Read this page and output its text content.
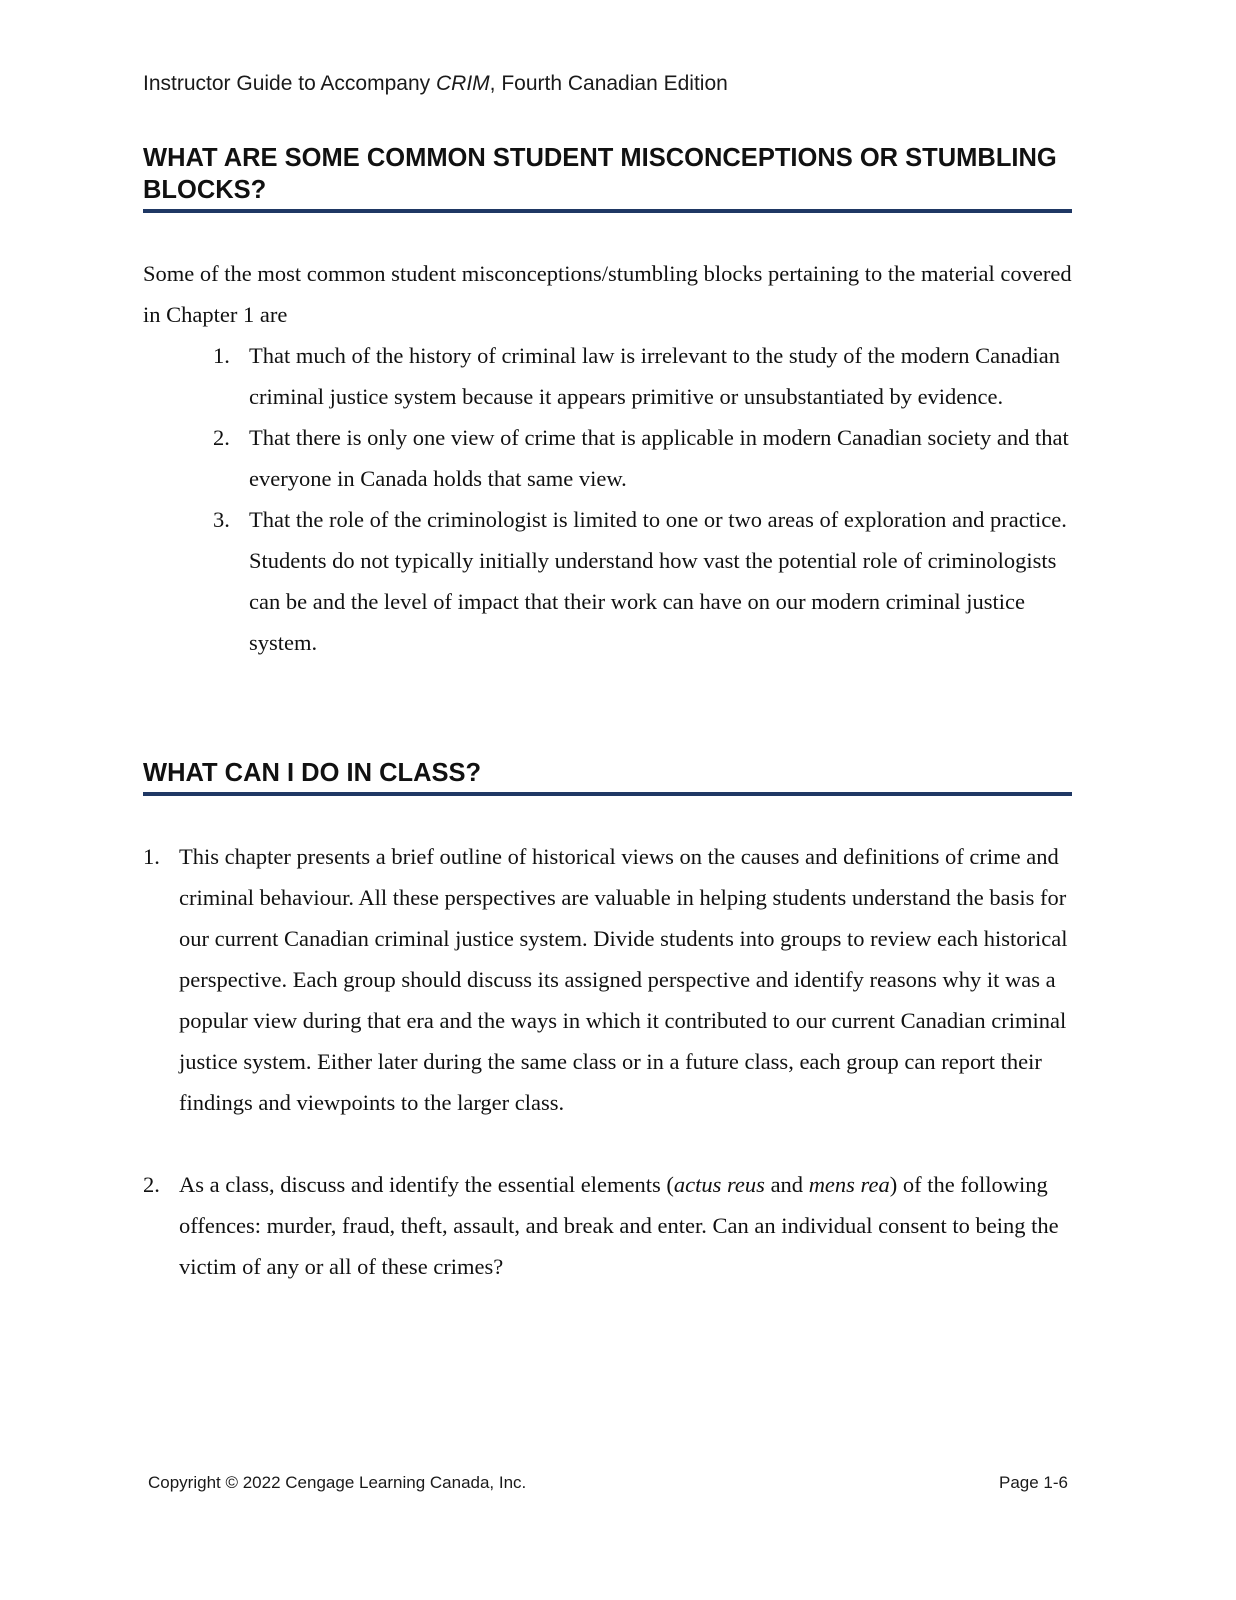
Instructor Guide to Accompany CRIM, Fourth Canadian Edition
WHAT ARE SOME COMMON STUDENT MISCONCEPTIONS OR STUMBLING BLOCKS?

Some of the most common student misconceptions/stumbling blocks pertaining to the material covered in Chapter 1 are

1. That much of the history of criminal law is irrelevant to the study of the modern Canadian criminal justice system because it appears primitive or unsubstantiated by evidence.
2. That there is only one view of crime that is applicable in modern Canadian society and that everyone in Canada holds that same view.
3. That the role of the criminologist is limited to one or two areas of exploration and practice. Students do not typically initially understand how vast the potential role of criminologists can be and the level of impact that their work can have on our modern criminal justice system.
WHAT CAN I DO IN CLASS?
1. This chapter presents a brief outline of historical views on the causes and definitions of crime and criminal behaviour. All these perspectives are valuable in helping students understand the basis for our current Canadian criminal justice system. Divide students into groups to review each historical perspective. Each group should discuss its assigned perspective and identify reasons why it was a popular view during that era and the ways in which it contributed to our current Canadian criminal justice system. Either later during the same class or in a future class, each group can report their findings and viewpoints to the larger class.
2. As a class, discuss and identify the essential elements (actus reus and mens rea) of the following offences: murder, fraud, theft, assault, and break and enter. Can an individual consent to being the victim of any or all of these crimes?
Copyright © 2022 Cengage Learning Canada, Inc.	Page 1-6
